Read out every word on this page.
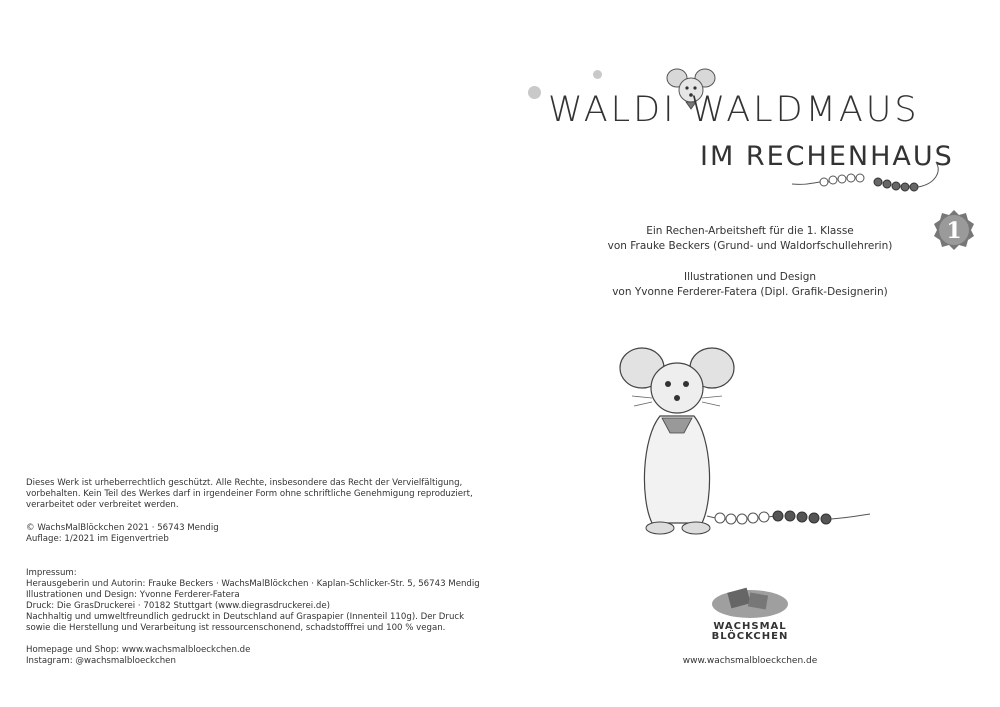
Dieses Werk ist urheberrechtlich geschützt. Alle Rechte, insbesondere das Recht der Vervielfältigung,

vorbehalten. Kein Teil des Werkes darf in irgendeiner Form ohne schriftliche Genehmigung reproduziert,

verarbeitet oder verbreitet werden.

© WachsMalBlöckchen 2021 · 56743 Mendig

Auflage: 1/2021 im Eigenvertrieb

Impressum:

Herausgeberin und Autorin: Frauke Beckers · WachsMalBlöckchen · Kaplan-Schlicker-Str. 5, 56743 Mendig

Illustrationen und Design: Yvonne Ferderer-Fatera

Druck: Die GrasDruckerei · 70182 Stuttgart (www.diegrasdruckerei.de)

Nachhaltig und umweltfreundlich gedruckt in Deutschland auf Graspapier (Innenteil 110g). Der Druck

sowie die Herstellung und Verarbeitung ist ressourcenschonend, schadstofffrei und 100 % vegan.

Homepage und Shop: www.wachsmalbloeckchen.de

Instagram: @wachsmalbloeckchen

WALDI WALDMAUS
IM RECHENHAUS
1

Ein Rechen-Arbeitsheft für die 1. Klasse

von Frauke Beckers (Grund- und Waldorfschullehrerin)

Illustrationen und Design

von Yvonne Ferderer-Fatera (Dipl. Grafik-Designerin)

WACHSMAL
BLÖCKCHEN
www.wachsmalbloeckchen.de
